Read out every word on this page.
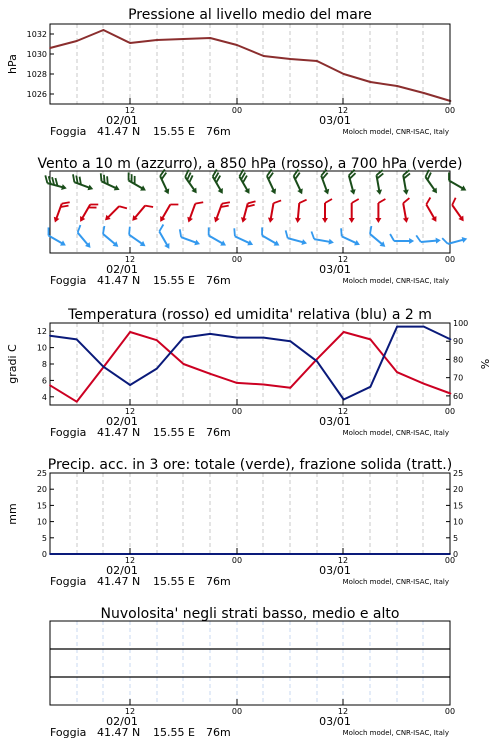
Pressione al livello medio del mare
1026
1028
1030
1032
hPa
12
02/01
00	12
03/01
00
Foggia 41.47 N 15.55 E 76m	Moloch model, CNR-ISAC, Italy
Vento a 10 m (azzurro), a 850 hPa (rosso), a 700 hPa (verde)
12
02/01
00	12
03/01
00
Foggia 41.47 N 15.55 E 76m	Moloch model, CNR-ISAC, Italy
Temperatura (rosso) ed umidita' relativa (blu) a 2 m
4
6
8
10
12
60
70
80
90
100
gradi C	%
12
02/01
00	12
03/01
00
Foggia 41.47 N 15.55 E 76m	Moloch model, CNR-ISAC, Italy
Precip. acc. in 3 ore: totale (verde), frazione solida (tratt.)
0
5
10
15
20
25
0
5
10
15
20
25
mm
12
02/01
00	12
03/01
00
Foggia 41.47 N 15.55 E 76m	Moloch model, CNR-ISAC, Italy
Nuvolosita' negli strati basso, medio e alto
12
02/01
00	12
03/01
00
Foggia 41.47 N 15.55 E 76m	Moloch model, CNR-ISAC, Italy
